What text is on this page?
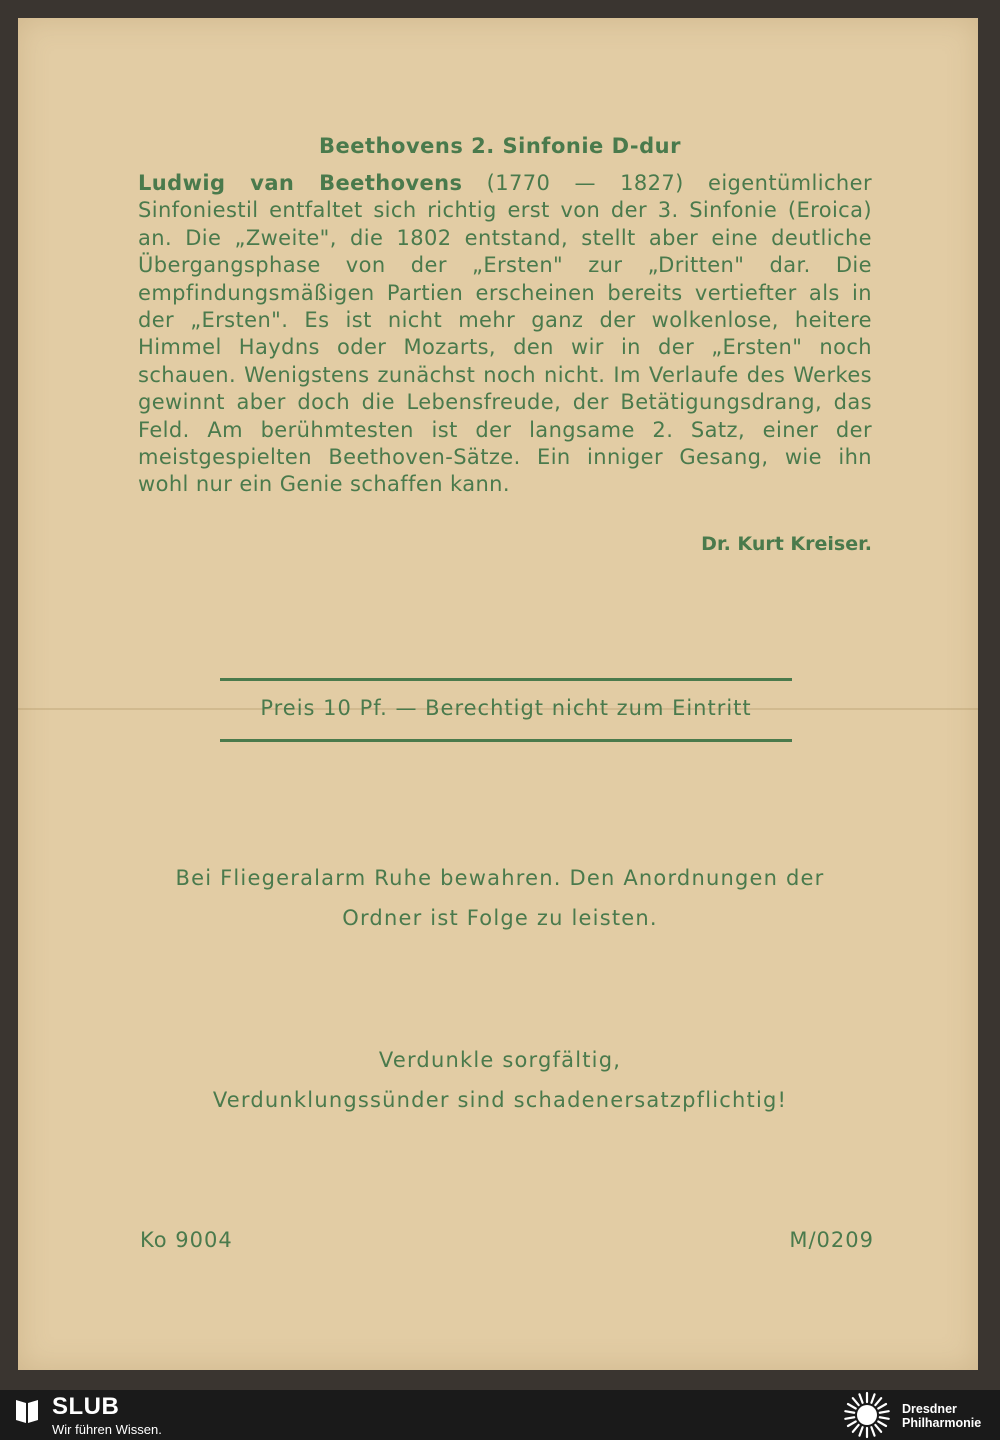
Beethovens 2. Sinfonie D-dur
Ludwig van Beethovens (1770 — 1827) eigentümlicher Sinfoniestil entfaltet sich richtig erst von der 3. Sinfonie (Eroica) an. Die „Zweite", die 1802 entstand, stellt aber eine deutliche Übergangsphase von der „Ersten" zur „Dritten" dar. Die empfindungsmäßigen Partien erscheinen bereits vertiefter als in der „Ersten". Es ist nicht mehr ganz der wolkenlose, heitere Himmel Haydns oder Mozarts, den wir in der „Ersten" noch schauen. Wenigstens zunächst noch nicht. Im Verlaufe des Werkes gewinnt aber doch die Lebensfreude, der Betätigungsdrang, das Feld. Am berühmtesten ist der langsame 2. Satz, einer der meistgespielten Beethoven-Sätze. Ein inniger Gesang, wie ihn wohl nur ein Genie schaffen kann.
Dr. Kurt Kreiser.
Preis 10 Pf. — Berechtigt nicht zum Eintritt
Bei Fliegeralarm Ruhe bewahren. Den Anordnungen der
Ordner ist Folge zu leisten.
Verdunkle sorgfältig,
Verdunklungssünder sind schadenersatzpflichtig!
Ko 9004	M/0209
SLUB
Wir führen Wissen.
Dresdner
Philharmonie
